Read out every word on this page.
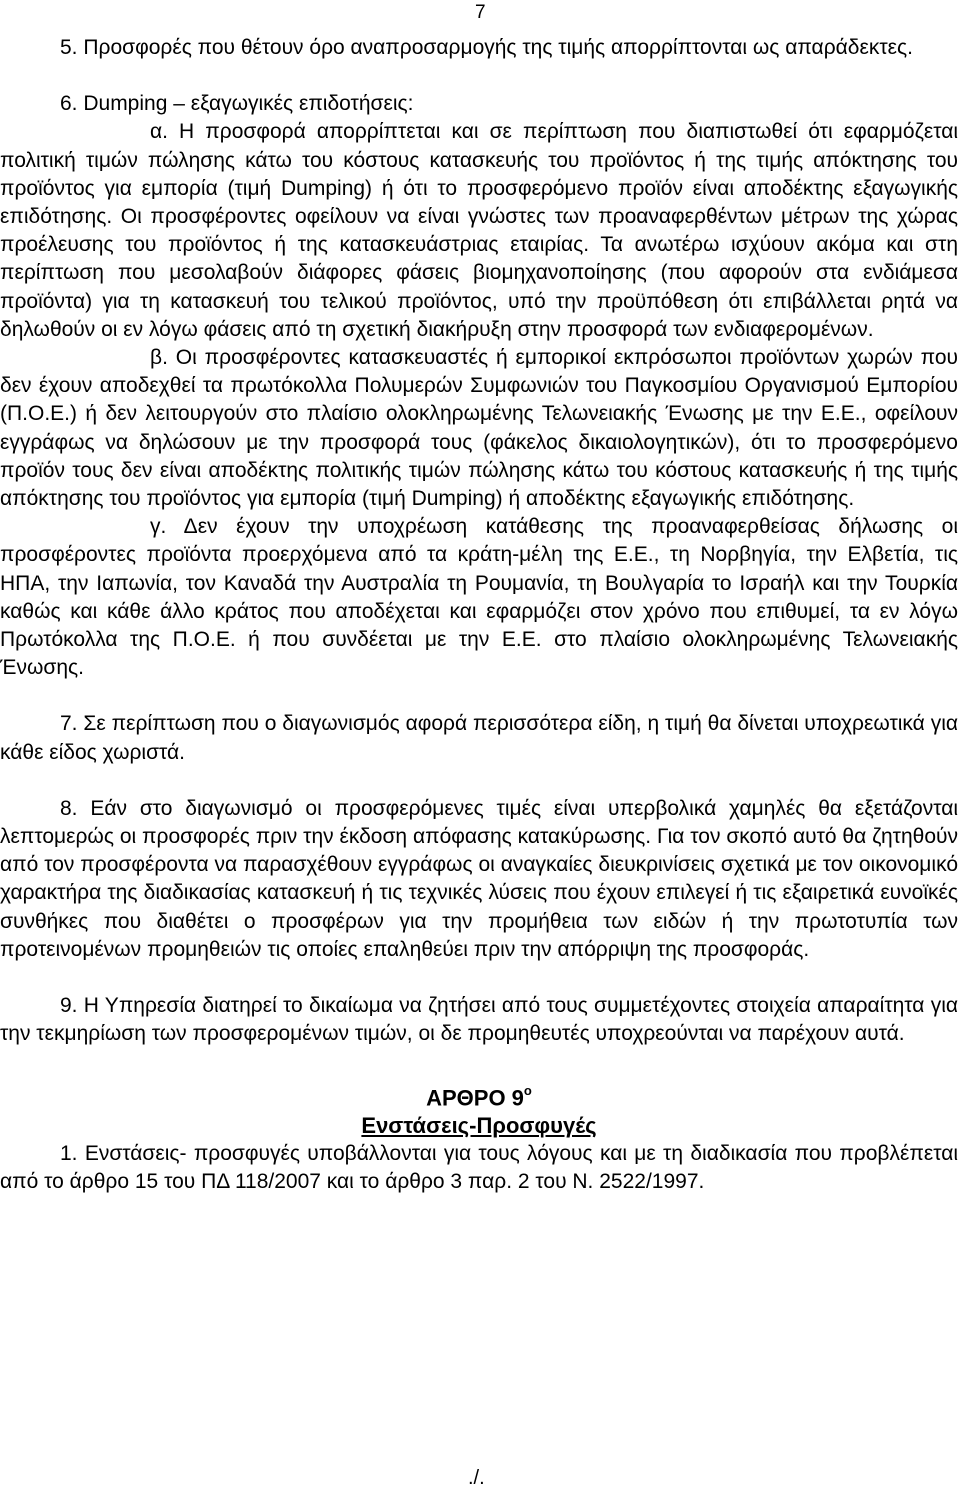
7

5. Προσφορές που θέτουν όρο αναπροσαρμογής της τιμής απορρίπτονται ως απαράδεκτες.

6. Dumping – εξαγωγικές επιδοτήσεις:

α. Η προσφορά απορρίπτεται και σε περίπτωση που διαπιστωθεί ότι εφαρμόζεται πολιτική τιμών πώλησης κάτω του κόστους κατασκευής του προϊόντος ή της τιμής απόκτησης του προϊόντος για εμπορία (τιμή Dumping) ή ότι το προσφερόμενο προϊόν είναι αποδέκτης εξαγωγικής επιδότησης. Οι προσφέροντες οφείλουν να είναι γνώστες των προαναφερθέντων μέτρων της χώρας προέλευσης του προϊόντος ή της κατασκευάστριας εταιρίας. Τα ανωτέρω ισχύουν ακόμα και στη περίπτωση που μεσολαβούν διάφορες φάσεις βιομηχανοποίησης (που αφορούν στα ενδιάμεσα προϊόντα) για τη κατασκευή του τελικού προϊόντος, υπό την προϋπόθεση ότι επιβάλλεται ρητά να δηλωθούν οι εν λόγω φάσεις από τη σχετική διακήρυξη στην προσφορά των ενδιαφερομένων.

β. Οι προσφέροντες κατασκευαστές ή εμπορικοί εκπρόσωποι προϊόντων χωρών που δεν έχουν αποδεχθεί τα πρωτόκολλα Πολυμερών Συμφωνιών του Παγκοσμίου Οργανισμού Εμπορίου (Π.Ο.Ε.) ή δεν λειτουργούν στο πλαίσιο ολοκληρωμένης Τελωνειακής Ένωσης με την Ε.Ε., οφείλουν εγγράφως να δηλώσουν με την προσφορά τους (φάκελος δικαιολογητικών), ότι το προσφερόμενο προϊόν τους δεν είναι αποδέκτης πολιτικής τιμών πώλησης κάτω του κόστους κατασκευής ή της τιμής απόκτησης του προϊόντος για εμπορία (τιμή Dumping) ή αποδέκτης εξαγωγικής επιδότησης.

γ. Δεν έχουν την υποχρέωση κατάθεσης της προαναφερθείσας δήλωσης οι προσφέροντες προϊόντα προερχόμενα από τα κράτη-μέλη της Ε.Ε., τη Νορβηγία, την Ελβετία, τις ΗΠΑ, την Ιαπωνία, τον Καναδά την Αυστραλία τη Ρουμανία, τη Βουλγαρία το Ισραήλ και την Τουρκία καθώς και κάθε άλλο κράτος που αποδέχεται και εφαρμόζει στον χρόνο που επιθυμεί, τα εν λόγω Πρωτόκολλα της Π.Ο.Ε. ή που συνδέεται με την Ε.Ε. στο πλαίσιο ολοκληρωμένης Τελωνειακής Ένωσης.

7. Σε περίπτωση που ο διαγωνισμός αφορά περισσότερα είδη, η τιμή θα δίνεται υποχρεωτικά για κάθε είδος χωριστά.

8. Εάν στο διαγωνισμό οι προσφερόμενες τιμές είναι υπερβολικά χαμηλές θα εξετάζονται λεπτομερώς οι προσφορές πριν την έκδοση απόφασης κατακύρωσης. Για τον σκοπό αυτό θα ζητηθούν από τον προσφέροντα να παρασχέθουν εγγράφως οι αναγκαίες διευκρινίσεις σχετικά με τον οικονομικό χαρακτήρα της διαδικασίας κατασκευή ή τις τεχνικές λύσεις που έχουν επιλεγεί ή τις εξαιρετικά ευνοϊκές συνθήκες που διαθέτει ο προσφέρων για την προμήθεια των ειδών ή την πρωτοτυπία των προτεινομένων προμηθειών τις οποίες επαληθεύει πριν την απόρριψη της προσφοράς.

9. Η Υπηρεσία διατηρεί το δικαίωμα να ζητήσει από τους συμμετέχοντες στοιχεία απαραίτητα για την τεκμηρίωση των προσφερομένων τιμών, οι δε προμηθευτές υποχρεούνται να παρέχουν αυτά.

ΑΡΘΡΟ $9^o$
Ενστάσεις-Προσφυγές

1. Ενστάσεις- προσφυγές υποβάλλονται για τους λόγους και με τη διαδικασία που προβλέπεται από το άρθρο 15 του ΠΔ 118/2007 και το άρθρο 3 παρ. 2 του Ν. 2522/1997.

./.
